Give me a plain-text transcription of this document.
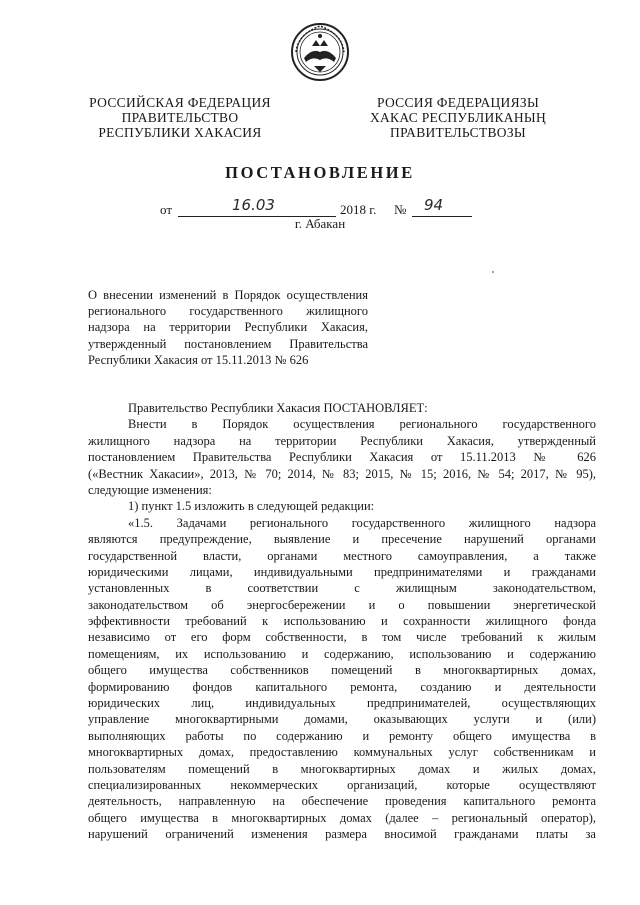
РОССИЙСКАЯ ФЕДЕРАЦИЯ
ПРАВИТЕЛЬСТВО
РЕСПУБЛИКИ ХАКАСИЯ
РОССИЯ ФЕДЕРАЦИЯЗЫ
ХАКАС РЕСПУБЛИКАНЫҢ
ПРАВИТЕЛЬСТВОЗЫ
ПОСТАНОВЛЕНИЕ
от	16.03	2018 г. № 94
г. Абакан
О внесении изменений в Порядок осуществления
регионального государственного жилищного
надзора на территории Республики Хакасия,
утвержденный постановлением Правительства
Республики Хакасия от 15.11.2013 № 626
Правительство Республики Хакасия ПОСТАНОВЛЯЕТ:
Внести в Порядок осуществления регионального государственного
жилищного надзора на территории Республики Хакасия, утвержденный
постановлением Правительства Республики Хакасия от 15.11.2013 № 626
(«Вестник Хакасии», 2013, № 70; 2014, № 83; 2015, № 15; 2016, № 54; 2017, № 95),
следующие изменения:
1) пункт 1.5 изложить в следующей редакции:
«1.5. Задачами регионального государственного жилищного надзора
являются предупреждение, выявление и пресечение нарушений органами
государственной власти, органами местного самоуправления, а также
юридическими лицами, индивидуальными предпринимателями и гражданами
установленных в соответствии с жилищным законодательством,
законодательством об энергосбережении и о повышении энергетической
эффективности требований к использованию и сохранности жилищного фонда
независимо от его форм собственности, в том числе требований к жилым
помещениям, их использованию и содержанию, использованию и содержанию
общего имущества собственников помещений в многоквартирных домах,
формированию фондов капитального ремонта, созданию и деятельности
юридических лиц, индивидуальных предпринимателей, осуществляющих
управление многоквартирными домами, оказывающих услуги и (или)
выполняющих работы по содержанию и ремонту общего имущества в
многоквартирных домах, предоставлению коммунальных услуг собственникам и
пользователям помещений в многоквартирных домах и жилых домах,
специализированных некоммерческих организаций, которые осуществляют
деятельность, направленную на обеспечение проведения капитального ремонта
общего имущества в многоквартирных домах (далее – региональный оператор),
нарушений ограничений изменения размера вносимой гражданами платы за
